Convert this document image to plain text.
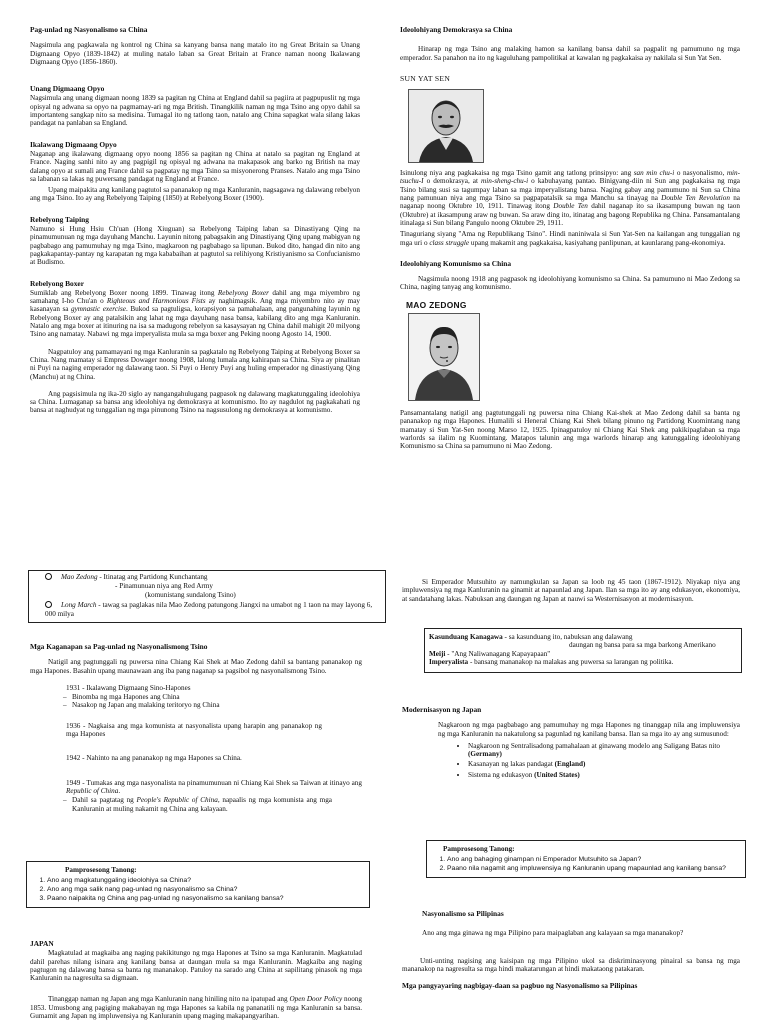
Pag-unlad ng Nasyonalismo sa China

Nagsimula ang pagkawala ng kontrol ng China sa kanyang bansa nang matalo ito ng Great Britain sa Unang Digmaang Opyo (1839-1842) at muling natalo laban sa Great Britain at France naman noong Ikalawang Digmaang Opyo (1856-1860).

Unang Digmaang Opyo

Nagsimula ang unang digmaan noong 1839 sa pagitan ng China at England dahil sa pagiira at pagpupuslit ng mga opisyal ng adwana sa opyo na pagmamay-ari ng mga British. Tinangkilik naman ng mga Tsino ang opyo dahil sa importanteng sangkap nito sa medisina. Tumagal ito ng tatlong taon, natalo ang China sapagkat wala silang lakas pandagat na panlaban sa England.

Ikalawang Digmaang Opyo

Naganap ang ikalawang digmaang opyo noong 1856 sa pagitan ng China at natalo sa pagitan ng England at France. Naging sanhi nito ay ang pagpigil ng opisyal ng adwana na makapasok ang barko ng British na may dalang opyo at sumali ang France dahil sa pagpatay ng mga Tsino sa misyonerong Pranses. Natalo ang mga Tsino sa labanan sa lakas ng puwersang pandagat ng England at France.

Upang maipakita ang kanilang pagtutol sa pananakop ng mga Kanluranin, nagsagawa ng dalawang rebelyon ang mga Tsino. Ito ay ang Rebelyong Taiping (1850) at Rebelyong Boxer (1900).

Rebelyong Taiping

Namuno si Hung Hsiu Ch'uan (Hong Xiuguan) sa Rebelyong Taiping laban sa Dinastiyang Qing na pinamumunuan ng mga dayuhang Manchu. Layunin nitong pabagsakin ang Dinastiyang Qing upang mabigyan ng pagbabago ang pamumuhay ng mga Tsino, magkaroon ng pagbabago sa lipunan. Bukod dito, hangad din nito ang pagkakapantay-pantay ng karapatan ng mga kababaihan at pagtutol sa relihiyong Kristiyanismo sa Confucianismo at Budismo.

Rebelyong Boxer

Sumiklab ang Rebelyong Boxer noong 1899. Tinawag itong Rebelyong Boxer dahil ang mga miyembro ng samahang I-ho Chu'an o Righteous and Harmonious Fists ay naghimagsik. Ang mga miyembro nito ay may kasanayan sa gymnastic exercise. Bukod sa pagtuligsa, korapsiyon sa pamahalaan, ang pangunahing layunin ng Rebelyong Boxer ay ang patalsikin ang lahat ng mga dayuhang nasa bansa, kabilang dito ang mga Kanluranin. Natalo ang mga boxer at itinuring na isa sa madugong rebelyon sa kasaysayan ng China dahil mahigit 20 milyong Tsino ang namatay. Nabawi ng mga imperyalista mula sa mga boxer ang Peking noong Agosto 14, 1900.

Nagpatuloy ang pamamayani ng mga Kanluranin sa pagkatalo ng Rebelyong Taiping at Rebelyong Boxer sa China. Nang mamatay si Empress Dowager noong 1908, lalong lumala ang kahirapan sa China. Siya ay pinalitan ni Puyi na naging emperador ng dalawang taon. Si Puyi o Henry Puyi ang huling emperador ng dinastiyang Qing (Manchu) at ng China.

Ang pagsisimula ng ika-20 siglo ay nangangahulugang pagpasok ng dalawang magkatunggaling ideolohiya sa China. Lumaganap sa bansa ang ideolohiya ng demokrasya at komunismo. Ito ay nagdulot ng pagkakahati ng bansa at naghudyat ng tunggalian ng mga pinunong Tsino na nagsusulong ng demokrasya at komunismo.

Ideolohiyang Demokrasya sa China

Hinarap ng mga Tsino ang malaking hamon sa kanilang bansa dahil sa pagpalit ng pamumuno ng mga emperador. Sa panahon na ito ng kaguluhang pampolitikal at kawalan ng pagkakaisa ay nakilala si Sun Yat Sen.

SUN YAT SEN

Isinulong niya ang pagkakaisa ng mga Tsino gamit ang tatlong prinsipyo: ang san min chu-i o nasyonalismo, min-tsuchu-I o demokrasya, at min-sheng-chu-i o kabuhayang pantao. Binigyang-diin ni Sun ang pagkakaisa ng mga Tsino bilang susi sa tagumpay laban sa mga imperyalistang bansa. Naging gabay ang pamumuno ni Sun sa China nang pamunuan niya ang mga Tsino sa pagpapatalsik sa mga Manchu sa tinayag na Double Ten Revolution na naganap noong Oktubre 10, 1911. Tinawag itong Double Ten dahil naganap ito sa ikasampung buwan ng taon (Oktubre) at ikasampung araw ng buwan. Sa araw ding ito, itinatag ang bagong Republika ng China. Pansamantalang itinalaga si Sun bilang Pangulo noong Oktubre 29, 1911.

Tinaguriang siyang "Ama ng Republikang Tsino". Hindi naniniwala si Sun Yat-Sen na kailangan ang tunggalian ng mga uri o class struggle upang makamit ang pagkakaisa, kasiyahang panlipunan, at kaunlarang pang-ekonomiya.

Ideolohiyang Komunismo sa China

Nagsimula noong 1918 ang pagpasok ng ideolohiyang komunismo sa China. Sa pamumuno ni Mao Zedong sa China, naging tanyag ang komunismo.

MAO ZEDONG

Pansamantalang natigil ang pagtutunggali ng puwersa nina Chiang Kai-shek at Mao Zedong dahil sa banta ng pananakop ng mga Hapones. Humalili si Heneral Chiang Kai Shek bilang pinuno ng Partidong Kuomintang nang mamatay si Sun Yat-Sen noong Marso 12, 1925. Ipinagpatuloy ni Chiang Kai Shek ang pakikipaglaban sa mga warlords sa ilalim ng Kuomintang. Matapos talunin ang mga warlords hinarap ang katunggaling ideolohiyang Komunismo sa China sa pamumuno ni Mao Zedong.

Mao Zedong - Itinatag ang Partidong Kunchantang
- Pinamunuan niya ang Red Army
(komunistang sundalong Tsino)
Long March - tawag sa paglakas nila Mao Zedong patungong Jiangxi na umabot ng 1 taon na may layong 6, 000 milya
Mga Kaganapan sa Pag-unlad ng Nasyonalismong Tsino

Natigil ang pagtunggali ng puwersa nina Chiang Kai Shek at Mao Zedong dahil sa bantang pananakop ng mga Hapones. Basahin upang maunawaan ang iba pang naganap sa pagsibol ng nasyonalismong Tsino.

1931 - Ikalawang Digmaang Sino-Hapones
– Binomba ng mga Hapones ang China
– Nasakop ng Japan ang malaking teritoryo ng China
1936 - Nagkaisa ang mga komunista at nasyonalista upang harapin ang pananakop ng mga Hapones
1942 - Nahinto na ang pananakop ng mga Hapones sa China.
1949 - Tumakas ang mga nasyonalista na pinamumunuan ni Chiang Kai Shek sa Taiwan at itinayo ang Republic of China.
– Dahil sa pagtatag ng People's Republic of China, napaalis ng mga komunista ang mga Kanluranin at muling nakamit ng China ang kalayaan.
Pamprosesong Tanong:
1. Ano ang magkatunggaling ideolohiya sa China?
2. Ano ang mga salik nang pag-unlad ng nasyonalismo sa China?
3. Paano naipakita ng China ang pag-unlad ng nasyonalismo sa kanilang bansa?
JAPAN

Magkatulad at magkaiba ang naging pakikitungo ng mga Hapones at Tsino sa mga Kanluranin. Magkatulad dahil parehas nilang isinara ang kanilang bansa at daungan mula sa mga Kanluranin. Magkaiba ang naging pagtugon ng dalawang bansa sa banta ng mananakop. Patuloy na sarado ang China at sapilitang pinasok ng mga Kanluranin na nagresulta sa digmaan.

Tinanggap naman ng Japan ang mga Kanluranin nang hiniling nito na ipatupad ang Open Door Policy noong 1853. Umusbong ang pagiging makabayan ng mga Hapones sa kabila ng pananatili ng mga Kanluranin sa bansa. Gumamit ang Japan ng impluwensiya ng Kanluranin upang maging makapangyarihan.

Si Emperador Mutsuhito ay namungkulan sa Japan sa loob ng 45 taon (1867-1912). Niyakap niya ang impluwensiya ng mga Kanluranin na ginamit at napaunlad ang Japan. Ilan sa mga ito ay ang edukasyon, ekonomiya, at sandatahang lakas. Nabuksan ang daungan ng Japan at nauwi sa Westernisasyon at modernisasyon.

Kasunduang Kanagawa - sa kasunduang ito, nabuksan ang dalawang
daungan ng bansa para sa mga barkong Amerikano
Meiji - "Ang Naliwanagang Kapayapaan"
Imperyalista - bansang mananakop na malakas ang puwersa sa larangan ng politika.
Modernisasyon ng Japan

Nagkaroon ng mga pagbabago ang pamumuhay ng mga Hapones ng tinanggap nila ang impluwensiya ng mga Kanluranin na nakatulong sa pagunlad ng kanilang bansa. Ilan sa mga ito ay ang sumusunod:

• Nagkaroon ng Sentralisadong pamahalaan at ginawang modelo ang Saligang Batas nito (Germany)
• Kasanayan ng lakas pandagat (England)
• Sistema ng edukasyon (United States)
Pamprosesong Tanong:
1. Ano ang bahaging ginampan ni Emperador Mutsuhito sa Japan?
2. Paano nila nagamit ang impluwensiya ng Kanluranin upang mapaunlad ang kanilang bansa?
Nasyonalismo sa Pilipinas

Ano ang mga ginawa ng mga Pilipino para maipaglaban ang kalayaan sa mga mananakop?

Unti-unting nagising ang kaisipan ng mga Pilipino ukol sa diskriminasyong pinairal sa bansa ng mga mananakop na nagresulta sa mga hindi makatarungan at hindi makataong patakaran.

Mga pangyayaring nagbigay-daan sa pagbuo ng Nasyonalismo sa Pilipinas
